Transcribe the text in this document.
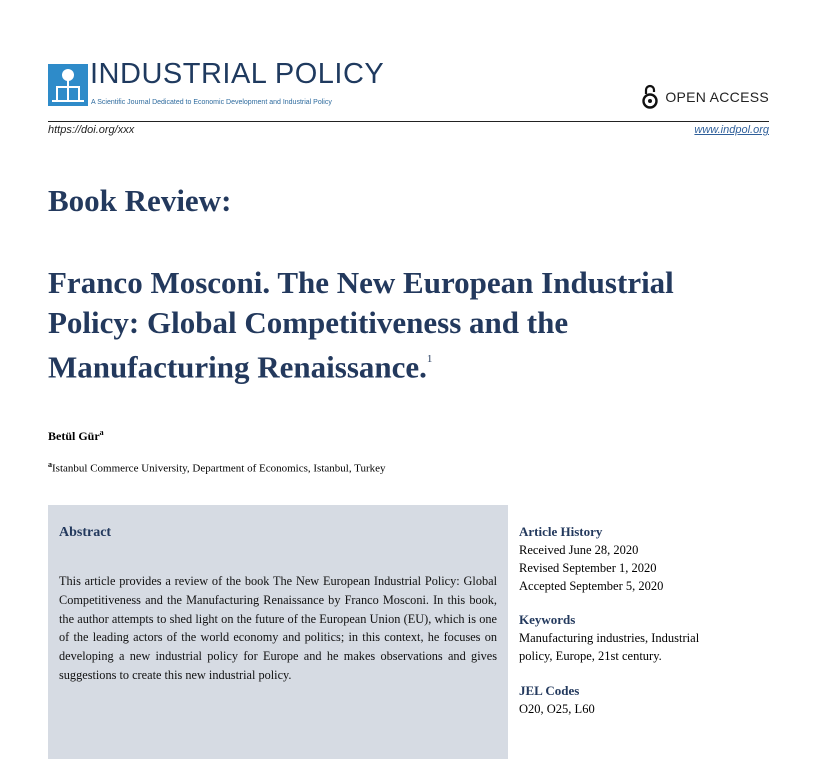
INDUSTRIAL POLICY
A Scientific Journal Dedicated to Economic Development and Industrial Policy	OPEN ACCESS
https://doi.org/xxx	www.indpol.org
Book Review:
Franco Mosconi. The New European Industrial Policy: Global Competitiveness and the Manufacturing Renaissance.$^1$
Betül Gür$^a$
$^a$Istanbul Commerce University, Department of Economics, Istanbul, Turkey
Abstract
This article provides a review of the book The New European Industrial Policy: Global Competitiveness and the Manufacturing Renaissance by Franco Mosconi. In this book, the author attempts to shed light on the future of the European Union (EU), which is one of the leading actors of the world economy and politics; in this context, he focuses on developing a new industrial policy for Europe and he makes observations and gives suggestions to create this new industrial policy.
Article History
Received June 28, 2020
Revised September 1, 2020
Accepted September 5, 2020
Keywords
Manufacturing industries, Industrial policy, Europe, 21st century.
JEL Codes
O20, O25, L60
